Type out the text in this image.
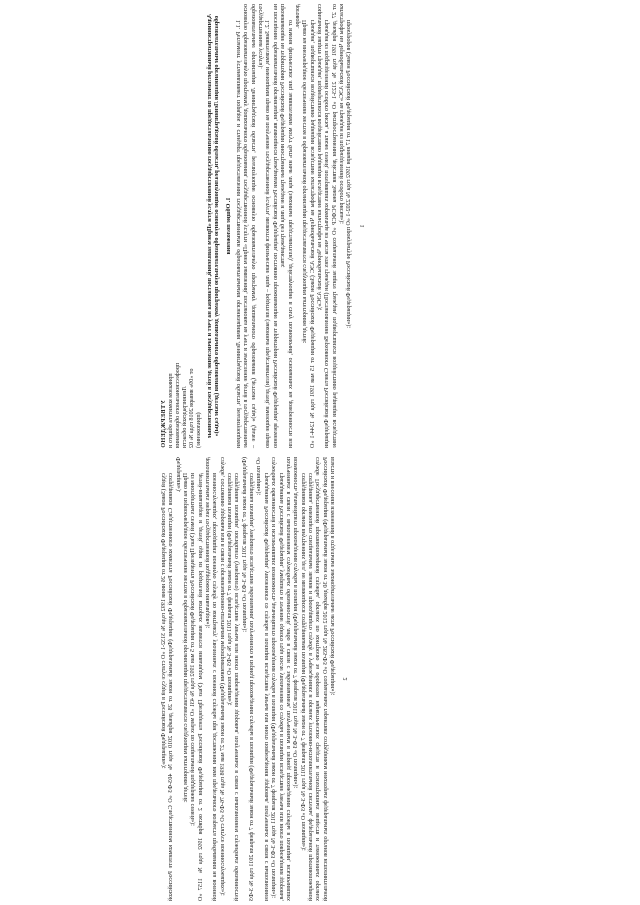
УТВЕРЖДЕНО приказом комитета общего и профессионального образования Ленинградской области от «09» января 2018 года № 02 (приложение) Административный регламент по предоставлению государственной услуги «Прием заявлений, постановка на учет и зачисление детей в государственные образовательные организации Ленинградской области, реализующие основную образовательную программу дошкольного образования (детские сады)» 1. Общие положения 1.1. Регламент устанавливает порядок и стандарт предоставления государственными образовательными организациями Ленинградской области, реализующими основную образовательную программу дошкольного образования, государственной услуги «Прием заявлений, постановка на учет и зачисление детей в государственные образовательные организации Ленинградской области, реализующие основную образовательную программу дошкольного образования (детские сады)» (далее – государственная услуга). 1.2. Заявителями, имеющими право на получение государственной услуги, являются физические лица – родители (законные представители) детей, имеющие право на посещение образовательной организации, являющиеся гражданами Российской Федерации, постоянно проживающие на территории Российской Федерации, временно проживающие на территории Российской Федерации иностранные граждане и лица без гражданства; от имени физических лиц заявителями могут быть иные лица (законные представители), действующие в силу полномочий, основанных на доверенности или договоре.

Право на внеочередное обеспечение местом в образовательной организации предоставляется следующим категориям детей: граждан, подвергшихся воздействию радиации вследствие катастрофы на Чернобыльской АЭС (Закон Российской Федерации от 15 мая 1991 года № 1244-1 «О социальной защите граждан, подвергшихся воздействию радиации вследствие катастрофы на Чернобыльской АЭС»); граждан из подразделений особого риска, а также семей, потерявших кормильца из числа этих граждан (Постановление Верховного Совета Российской Федерации от 27 декабря 1991 года № 2123-1 «О распространении действия Закона РСФСР «О социальной защите граждан, подвергшихся воздействию радиации вследствие катастрофы на Чернобыльской АЭС» на граждан из подразделений особого риска»); прокуроров (Закон Российской Федерации от 17 января 1992 года № 2202-1 «О прокуратуре Российской Федерации»); 1

судей (Закон Российской Федерации от 26 июня 1992 года № 3132-1 «О статусе судей в Российской Федерации»); сотрудников Следственного комитета Российской Федерации (Федеральный закон от 28 декабря 2010 года № 403-ФЗ «О Следственном комитете Российской Федерации»). Право на первоочередное обеспечение местом в образовательной организации предоставляется следующим категориям детей: из многодетных семей (Указ Президента Российской Федерации от 5 мая 1992 года № 431 «О мерах по социальной поддержке семей»); детей-инвалидов и детей, один из родителей которых является инвалидом (Указ Президента Российской Федерации от 2 октября 1992 года № 1157 «О дополнительных мерах государственной поддержки инвалидов»); военнослужащих, проходящих военную службу по контракту, уволенных с военной службы при достижении ими предельного возраста пребывания на военной службе, состоянию здоровья или в связи с организационно-штатными мероприятиями (Федеральный закон от 27 мая 1998 года № 76-ФЗ «О статусе военнослужащих»); сотрудников полиции (Федеральный закон от 7 февраля 2011 года № 3-ФЗ «О полиции»); сотрудника полиции, погибшего (умершего) вследствие увечья или иного повреждения здоровья, полученных в связи с выполнением служебных обязанностей (Федеральный закон от 7 февраля 2011 года № 3-ФЗ «О полиции»); сотрудника полиции, умершего вследствие заболевания, полученного в период прохождения службы в полиции (Федеральный закон от 7 февраля 2011 года № 3-ФЗ «О полиции»); гражданина Российской Федерации, уволенного со службы в полиции вследствие увечья или иного повреждения здоровья, полученных в связи с выполнением служебных обязанностей и исключивших возможность дальнейшего прохождения службы в полиции (Федеральный закон от 7 февраля 2011 года № 3-ФЗ «О полиции»); гражданина Российской Федерации, умершего в течение одного года после увольнения со службы в полиции вследствие увечья или иного повреждения здоровья, полученных в связи с выполнением служебных обязанностей, либо в связи с заболеванием, полученным в период прохождения службы в полиции, исключивших возможность дальнейшего прохождения службы в полиции (Федеральный закон от 7 февраля 2011 года № 3-ФЗ «О полиции»); сотрудников органов внутренних дел, не являющихся сотрудниками полиции (Федеральный закон от 7 февраля 2011 года № 3-ФЗ «О полиции»); сотрудника, имеющего специальные звания и проходящего службу в учреждениях и органах уголовно-исполнительной системы, федеральной противопожарной службе Государственной противопожарной службы, органах по контролю за оборотом наркотических средств и психотропных веществ и таможенных органах Российской Федерации (Федеральный закон от 30 декабря 2012 года № 283-ФЗ «О социальных гарантиях сотрудникам некоторых федеральных органов исполнительной власти и внесении изменений в отдельные законодательные акты Российской Федерации»); 2
